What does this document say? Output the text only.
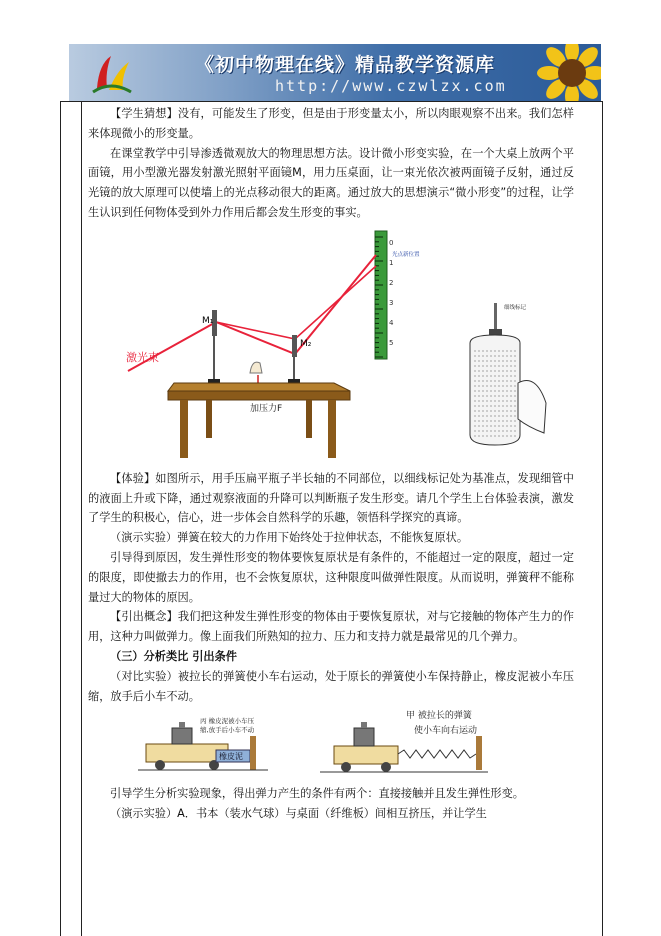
《初中物理在线》精品教学资源库
http://www.czwlzx.com

【学生猜想】没有，可能发生了形变，但是由于形变量太小，所以肉眼观察不出来。我们怎样来体现微小的形变量。

在课堂教学中引导渗透微观放大的物理思想方法。设计微小形变实验，在一个大桌上放两个平面镜，用小型激光器发射激光照射平面镜M，用力压桌面，让一束光依次被两面镜子反射，通过反光镜的放大原理可以使墙上的光点移动很大的距离。通过放大的思想演示“微小形变”的过程，让学生认识到任何物体受到外力作用后都会发生形变的事实。

0
1
2
3
4
5
光点新位置
激光束
M₁
M₂
加压力F
细线标记

【体验】如图所示，用手压扁平瓶子半长轴的不同部位，以细线标记处为基准点，发现细管中的液面上升或下降，通过观察液面的升降可以判断瓶子发生形变。请几个学生上台体验表演，激发了学生的积极心，信心，进一步体会自然科学的乐趣，领悟科学探究的真谛。

（演示实验）弹簧在较大的力作用下始终处于拉伸状态，不能恢复原状。

引导得到原因，发生弹性形变的物体要恢复原状是有条件的，不能超过一定的限度，超过一定的限度，即使撤去力的作用，也不会恢复原状，这种限度叫做弹性限度。从而说明，弹簧秤不能称量过大的物体的原因。

【引出概念】我们把这种发生弹性形变的物体由于要恢复原状，对与它接触的物体产生力的作用，这种力叫做弹力。像上面我们所熟知的拉力、压力和支持力就是最常见的几个弹力。

（三）分析类比 引出条件

（对比实验）被拉长的弹簧使小车右运动，处于原长的弹簧使小车保持静止，橡皮泥被小车压缩，放手后小车不动。

橡皮泥
丙 橡皮泥被小车压
缩,放手后小车不动
甲 被拉长的弹簧
使小车向右运动

引导学生分析实验现象，得出弹力产生的条件有两个：直接接触并且发生弹性形变。

（演示实验）A．书本（装水气球）与桌面（纤维板）间相互挤压，并让学生
